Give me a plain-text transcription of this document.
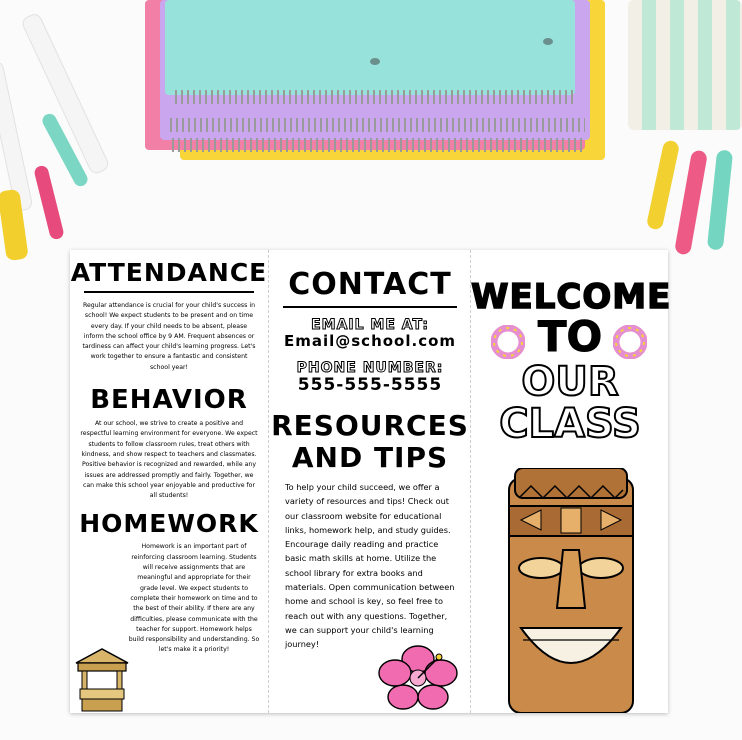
ATTENDANCE
Regular attendance is crucial for your child's success in school! We expect students to be present and on time every day. If your child needs to be absent, please inform the school office by 9 AM. Frequent absences or tardiness can affect your child's learning progress. Let's work together to ensure a fantastic and consistent school year!
BEHAVIOR
At our school, we strive to create a positive and respectful learning environment for everyone. We expect students to follow classroom rules, treat others with kindness, and show respect to teachers and classmates. Positive behavior is recognized and rewarded, while any issues are addressed promptly and fairly. Together, we can make this school year enjoyable and productive for all students!
HOMEWORK
Homework is an important part of reinforcing classroom learning. Students will receive assignments that are meaningful and appropriate for their grade level. We expect students to complete their homework on time and to the best of their ability. If there are any difficulties, please communicate with the teacher for support. Homework helps build responsibility and understanding. So let's make it a priority!
CONTACT
EMAIL ME AT:
Email@school.com
PHONE NUMBER:
555-555-5555
RESOURCES
AND TIPS
To help your child succeed, we offer a variety of resources and tips! Check out our classroom website for educational links, homework help, and study guides. Encourage daily reading and practice basic math skills at home. Utilize the school library for extra books and materials. Open communication between home and school is key, so feel free to reach out with any questions. Together, we can support your child's learning journey!
WELCOME
TO
OUR
CLASS
